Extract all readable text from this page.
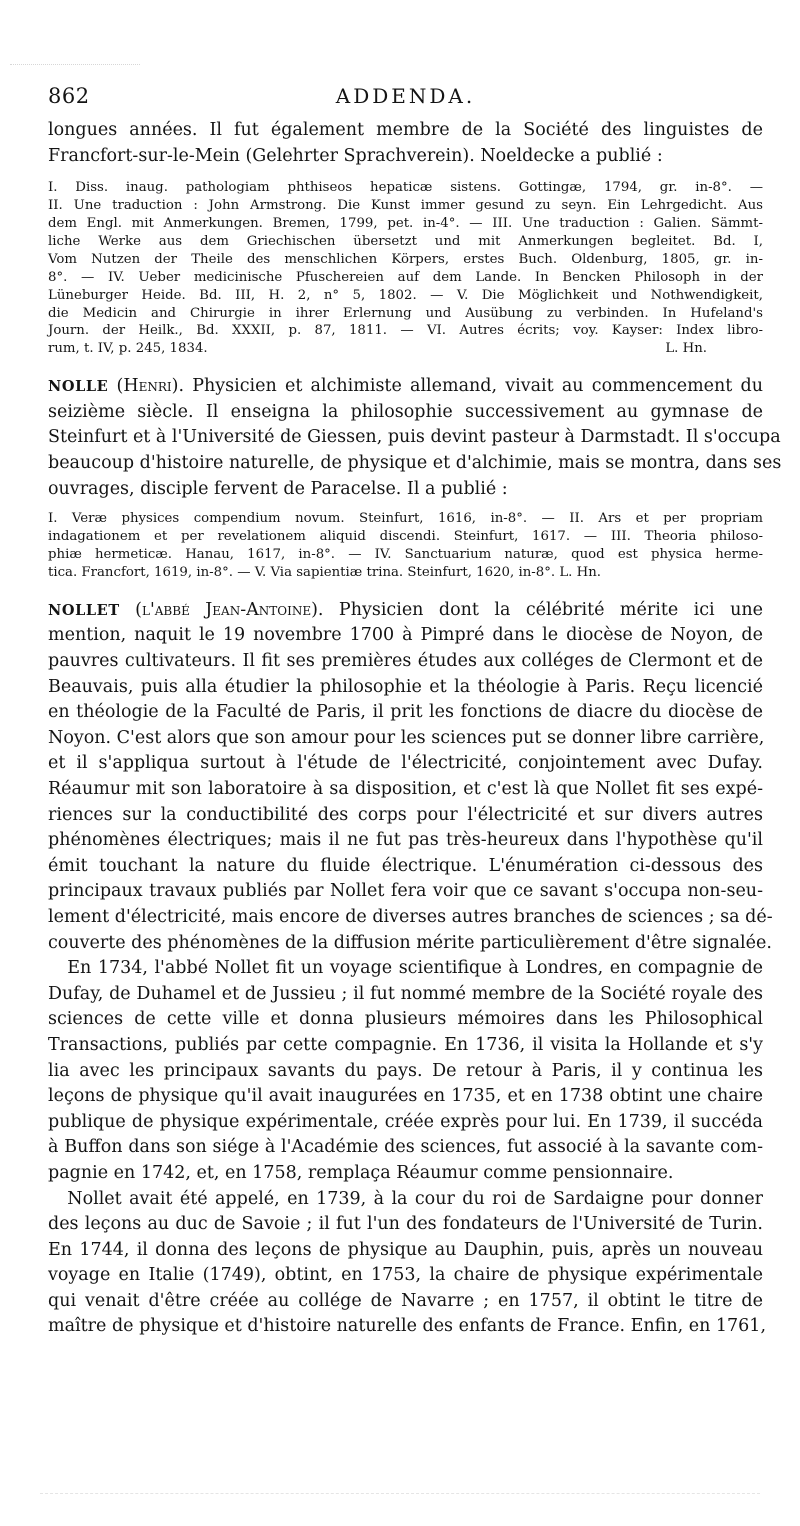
ADDENDA.
862

longues années. Il fut également membre de la Société des linguistes de

Francfort-sur-le-Mein (Gelehrter Sprachverein). Noeldecke a publié :

I. Diss. inaug. pathologiam phthiseos hepaticæ sistens. Gottingæ, 1794, gr. in-8°. —

II. Une traduction : John Armstrong. Die Kunst immer gesund zu seyn. Ein Lehrgedicht. Aus

dem Engl. mit Anmerkungen. Bremen, 1799, pet. in-4°. — III. Une traduction : Galien. Sämmt-

liche Werke aus dem Griechischen übersetzt und mit Anmerkungen begleitet. Bd. I,

Vom Nutzen der Theile des menschlichen Körpers, erstes Buch. Oldenburg, 1805, gr. in-

8°. — IV. Ueber medicinische Pfuschereien auf dem Lande. In Bencken Philosoph in der

Lüneburger Heide. Bd. III, H. 2, n° 5, 1802. — V. Die Möglichkeit und Nothwendigkeit,

die Medicin and Chirurgie in ihrer Erlernung und Ausübung zu verbinden. In Hufeland's

Journ. der Heilk., Bd. XXXII, p. 87, 1811. — VI. Autres écrits; voy. Kayser: Index libro-

rum, t. IV, p. 245, 1834.	L. Hn.

NOLLE (Henri). Physicien et alchimiste allemand, vivait au commencement du

seizième siècle. Il enseigna la philosophie successivement au gymnase de

Steinfurt et à l'Université de Giessen, puis devint pasteur à Darmstadt. Il s'occupa

beaucoup d'histoire naturelle, de physique et d'alchimie, mais se montra, dans ses

ouvrages, disciple fervent de Paracelse. Il a publié :

I. Veræ physices compendium novum. Steinfurt, 1616, in-8°. — II. Ars et per propriam

indagationem et per revelationem aliquid discendi. Steinfurt, 1617. — III. Theoria philoso-

phiæ hermeticæ. Hanau, 1617, in-8°. — IV. Sanctuarium naturæ, quod est physica herme-

tica. Francfort, 1619, in-8°. — V. Via sapientiæ trina. Steinfurt, 1620, in-8°. L. Hn.

NOLLET (l'abbé Jean-Antoine). Physicien dont la célébrité mérite ici une

mention, naquit le 19 novembre 1700 à Pimpré dans le diocèse de Noyon, de

pauvres cultivateurs. Il fit ses premières études aux colléges de Clermont et de

Beauvais, puis alla étudier la philosophie et la théologie à Paris. Reçu licencié

en théologie de la Faculté de Paris, il prit les fonctions de diacre du diocèse de

Noyon. C'est alors que son amour pour les sciences put se donner libre carrière,

et il s'appliqua surtout à l'étude de l'électricité, conjointement avec Dufay.

Réaumur mit son laboratoire à sa disposition, et c'est là que Nollet fit ses expé-

riences sur la conductibilité des corps pour l'électricité et sur divers autres

phénomènes électriques; mais il ne fut pas très-heureux dans l'hypothèse qu'il

émit touchant la nature du fluide électrique. L'énumération ci-dessous des

principaux travaux publiés par Nollet fera voir que ce savant s'occupa non-seu-

lement d'électricité, mais encore de diverses autres branches de sciences ; sa dé-

couverte des phénomènes de la diffusion mérite particulièrement d'être signalée.

En 1734, l'abbé Nollet fit un voyage scientifique à Londres, en compagnie de

Dufay, de Duhamel et de Jussieu ; il fut nommé membre de la Société royale des

sciences de cette ville et donna plusieurs mémoires dans les Philosophical

Transactions, publiés par cette compagnie. En 1736, il visita la Hollande et s'y

lia avec les principaux savants du pays. De retour à Paris, il y continua les

leçons de physique qu'il avait inaugurées en 1735, et en 1738 obtint une chaire

publique de physique expérimentale, créée exprès pour lui. En 1739, il succéda

à Buffon dans son siége à l'Académie des sciences, fut associé à la savante com-

pagnie en 1742, et, en 1758, remplaça Réaumur comme pensionnaire.

Nollet avait été appelé, en 1739, à la cour du roi de Sardaigne pour donner

des leçons au duc de Savoie ; il fut l'un des fondateurs de l'Université de Turin.

En 1744, il donna des leçons de physique au Dauphin, puis, après un nouveau

voyage en Italie (1749), obtint, en 1753, la chaire de physique expérimentale

qui venait d'être créée au collége de Navarre ; en 1757, il obtint le titre de

maître de physique et d'histoire naturelle des enfants de France. Enfin, en 1761,
